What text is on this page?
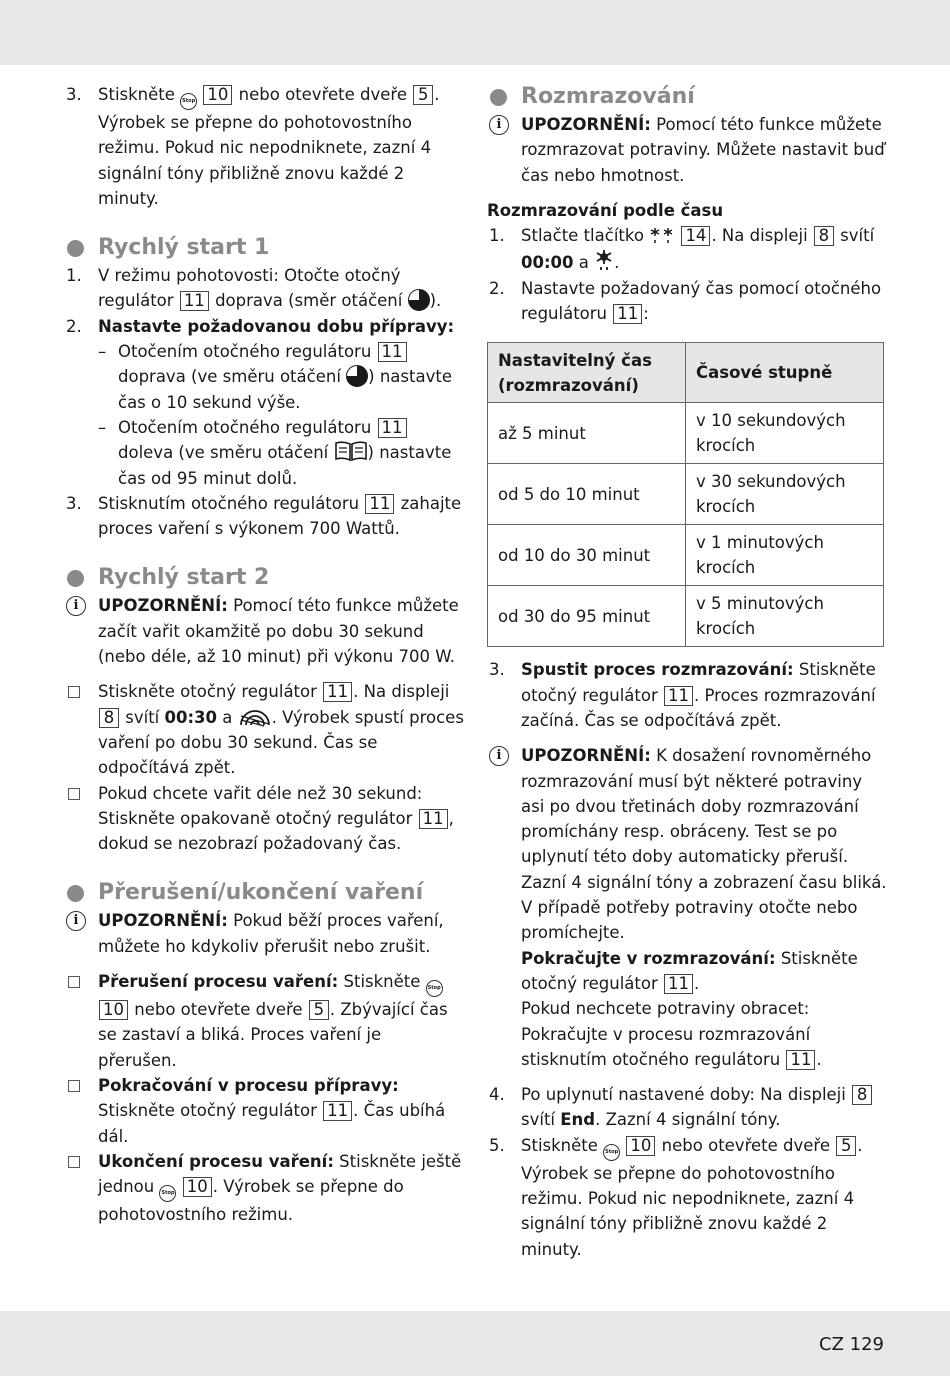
3. Stiskněte Stop 10 nebo otevřete dveře 5 . Výrobek se přepne do pohotovostního režimu. Pokud nic nepodniknete, zazní 4 signální tóny přibližně znovu každé 2 minuty.
Rychlý start 1
1. V režimu pohotovosti: Otočte otočný regulátor 11 doprava (směr otáčení ).
2. Nastavte požadovanou dobu přípravy:
– Otočením otočného regulátoru 11 doprava (ve směru otáčení ) nastavte čas o 10 sekund výše.
– Otočením otočného regulátoru 11 doleva (ve směru otáčení ) nastavte čas od 95 minut dolů.
3. Stisknutím otočného regulátoru 11 zahajte proces vaření s výkonem 700 Wattů.
Rychlý start 2
i	UPOZORNĚNÍ: Pomocí této funkce můžete začít vařit okamžitě po dobu 30 sekund (nebo déle, až 10 minut) při výkonu 700 W.
Stiskněte otočný regulátor 11 . Na displeji 8 svítí 00:30 a . Výrobek spustí proces vaření po dobu 30 sekund. Čas se odpočítává zpět.
Pokud chcete vařit déle než 30 sekund: Stiskněte opakovaně otočný regulátor 11 , dokud se nezobrazí požadovaný čas.
Přerušení/ukončení vaření
i	UPOZORNĚNÍ: Pokud běží proces vaření, můžete ho kdykoliv přerušit nebo zrušit.
Přerušení procesu vaření: Stiskněte Stop 10 nebo otevřete dveře 5 . Zbývající čas se zastaví a bliká. Proces vaření je přerušen.
Pokračování v procesu přípravy: Stiskněte otočný regulátor 11 . Čas ubíhá dál.
Ukončení procesu vaření: Stiskněte ještě jednou Stop 10 . Výrobek se přepne do pohotovostního režimu.
Rozmrazování
i	UPOZORNĚNÍ: Pomocí této funkce můžete rozmrazovat potraviny. Můžete nastavit buď čas nebo hmotnost.
Rozmrazování podle času
1. Stlačte tlačítko	14 . Na displeji 8 svítí 00:00 a .
2. Nastavte požadovaný čas pomocí otočného regulátoru 11 :
Nastavitelný čas (rozmrazování)	Časové stupně
až 5 minut	v 10 sekundových krocích
od 5 do 10 minut	v 30 sekundových krocích
od 10 do 30 minut	v 1 minutových krocích
od 30 do 95 minut	v 5 minutových krocích
3. Spustit proces rozmrazování: Stiskněte otočný regulátor 11 . Proces rozmrazování začíná. Čas se odpočítává zpět.
i	UPOZORNĚNÍ: K dosažení rovnoměrného rozmrazování musí být některé potraviny asi po dvou třetinách doby rozmrazování promíchány resp. obráceny. Test se po uplynutí této doby automaticky přeruší. Zazní 4 signální tóny a zobrazení času bliká. V případě potřeby potraviny otočte nebo promíchejte.
Pokračujte v rozmrazování: Stiskněte otočný regulátor 11 .
Pokud nechcete potraviny obracet: Pokračujte v procesu rozmrazování stisknutím otočného regulátoru 11 .
4. Po uplynutí nastavené doby: Na displeji 8 svítí End. Zazní 4 signální tóny.
5. Stiskněte Stop 10 nebo otevřete dveře 5 . Výrobek se přepne do pohotovostního režimu. Pokud nic nepodniknete, zazní 4 signální tóny přibližně znovu každé 2 minuty.
CZ 129
